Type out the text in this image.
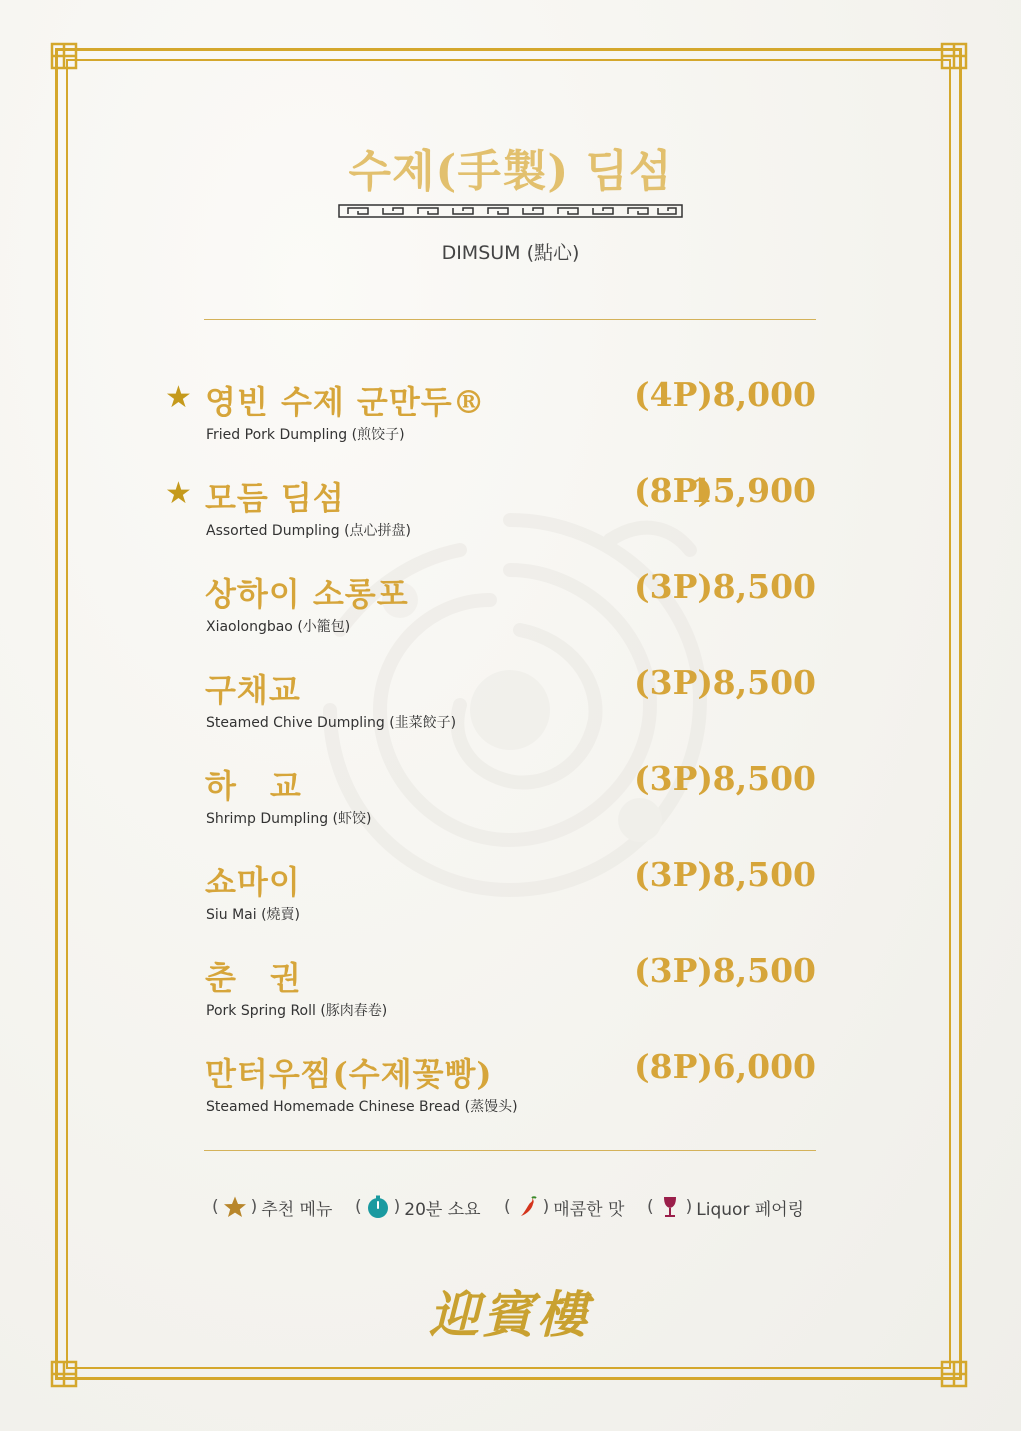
수제(手製) 딤섬
DIMSUM (點心)
★ 영빈 수제 군만두®
Fried Pork Dumpling (煎饺子)
(4P) 8,000
★ 모듬 딤섬
Assorted Dumpling (点心拼盘)
(8P)
15,900
상하이 소롱포
Xiaolongbao (小籠包)
(3P) 8,500
구채교
Steamed Chive Dumpling (韭菜餃子)
(3P) 8,500
하　교
Shrimp Dumpling (虾饺)
(3P) 8,500
쇼마이
Siu Mai (燒賣)
(3P) 8,500
춘　권
Pork Spring Roll (豚肉春卷)
(3P) 8,500
만터우찜(수제꽃빵)
Steamed Homemade Chinese Bread (蒸馒头)
(8P) 6,000
( ) 추천 메뉴 ( ) 20분 소요 ( ) 매콤한 맛 ( ) Liquor 페어링
迎賓樓
